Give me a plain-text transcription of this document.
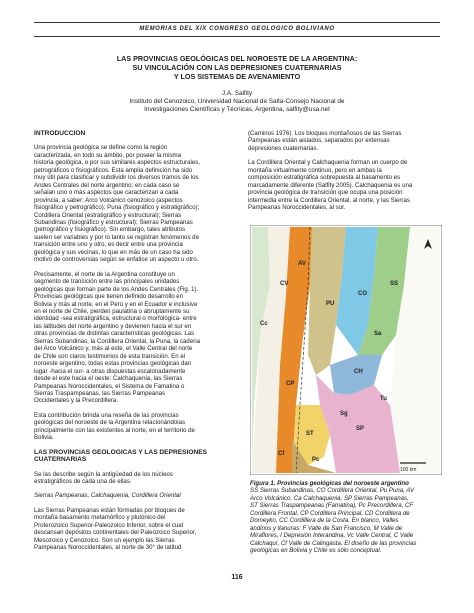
MEMORIAS DEL XIX CONGRESO GEOLOGICO BOLIVIANO
LAS PROVINCIAS GEOLÓGICAS DEL NOROESTE DE LA ARGENTINA:
SU VINCULACIÓN CON LAS DEPRESIONES CUATERNARIAS
Y LOS SISTEMAS DE AVENAMIENTO
J.A. Salfity
Instituto del Cenozoico, Universidad Nacional de Salta-Consejo Nacional de
Investigaciones Científicas y Técnicas, Argentina, salfity@usa.net
INTRODUCCIÓN
Una provincia geológica se define como la región
caracterizada, en todo su ámbito, por poseer la misma
historia geológica, o por sus similares aspectos estructurales,
petrográficos o fisiográficos. Esta amplia definición ha sido
muy útil para clasificar y subdividir los diversos tramos de los
Andes Centrales del norte argentino; en cada caso se
señalan uno o más aspectos que caracterizan a cada
provincia, a saber: Arco Volcánico cenozoico (aspectos
fisiográfico y petrográfico); Puna (fisiográfico y estratigráfico);
Cordillera Oriental (estratigráfico y estructural); Sierras
Subandinas (fisiográfico y estructural); Sierras Pampeanas
(petrográfico y fisiográfico). Sin embargo, tales atributos
suelen ser variables y por lo tanto se registran fenómenos de
transición entre uno y otro, es decir entre una provincia
geológica y sus vecinas, lo que en más de un caso ha sido
motivo de controversias según se enfatice un aspecto u otro.
Precisamente, el norte de la Argentina constituye un
segmento de transición entre las principales unidades
geológicas que forman parte de los Andes Centrales (Fig. 1).
Provincias geológicas que tienen definido desarrollo en
Bolivia y más al norte, en el Perú y en el Ecuador e inclusive
en el norte de Chile, pierden paulatina o abruptamente su
identidad -sea estratigráfica, estructural o morfológica- entre
las latitudes del norte argentino y devienen hacia el sur en
otras provincias de distintas características geológicas. Las
Sierras Subandinas, la Cordillera Oriental, la Puna, la cadena
del Arco Volcánico y, más al este, el Valle Central del norte
de Chile son claros testimonios de esta transición. En el
noroeste argentino, todas estas provincias geológicas dan
lugar -hacia el sur- a otras dispuestas escalonadamente
desde el este hacia el oeste: Calchaquenia, las Sierras
Pampeanas Noroccidentales, el Sistema de Famatina o
Sierras Traspampeanas, las Sierras Pampeanas
Occidentales y la Precordillera.
Esta contribución brinda una reseña de las provincias
geológicas del noroeste de la Argentina relacionándolas
principalmente con las existentes al norte, en el territorio de
Bolivia.
LAS PROVINCIAS GEOLÓGICAS Y LAS DEPRESIONES
CUATERNARIAS
Se las describe según la antigüedad de los núcleos
estratigráficos de cada una de ellas.
Sierras Pampeanas, Calchaquenia, Cordillera Oriental
Las Sierras Pampeanas están formadas por bloques de
montaña basamento metamórfico y plutónico del
Proterozoico Superior-Paleozoico Inferior, sobre el cual
descansan depósitos continentales del Paleozoico Superior,
Mesozoico y Cenozoico. Son un ejemplo las Sierras
Pampeanas Noroccidentales, al norte de 30° de latitud
(Caminos 1976). Los bloques montañosos de las Sierras
Pampeanas están aislados, separados por extensas
depresiones cuaternarias.
La Cordillera Oriental y Calchaquenia forman un cuerpo de
montaña virtualmente continuo, pero en ambas la
composición estratigráfica sobrepuesta al basamento es
marcadamente diferente (Salfity 2005). Calchaquenia es una
provincia geológica de transición que ocupa una posición
intermedia entre la Cordillera Oriental, al norte, y las Sierras
Pampeanas Noroccidentales, al sur.
SS
CO
PU
CH
SP
ST
CP
AV
Cf
Pc
Cc
Tu
Sa
Sg
CV
100 km
Figura 1. Provincias geológicas del noroeste argentino
SS Sierras Subandinas, CO Cordillera Oriental, Pu Puna, AV
Arco Volcánico, Ca Calchaquenia, SP Sierras Pampeanas,
ST Sierras Traspampeanas (Famatina), Pc Precordillera, CF
Cordillera Frontal, CP Cordillera Principal, CD Cordillera de
Domeyko, CC Cordillera de la Costa. En blanco, Valles
andinos y llanuras: F Valle de San Francisco, M Valle de
Miraflores, I Depresión Interandina, Vc Valle Central, C Valle
Calchaquí, Cf Valle de Calingasta. El diseño de las provincias
geológicas en Bolivia y Chile es sólo conceptual.
116
